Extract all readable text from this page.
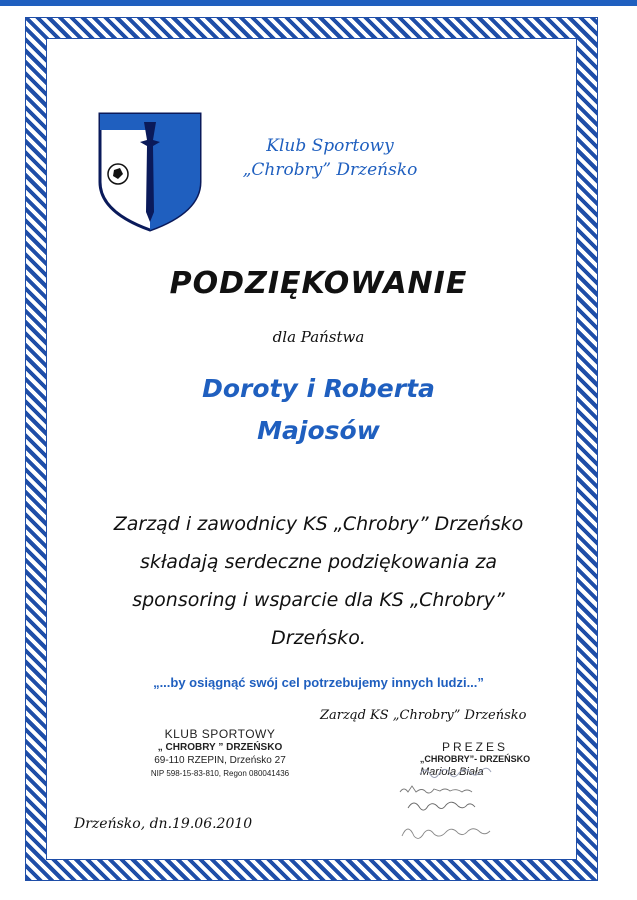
Klub Sportowy
„Chrobry” Drzeńsko
PODZIĘKOWANIE
dla Państwa
Doroty i Roberta
Majosów
Zarząd i zawodnicy KS „Chrobry” Drzeńsko
składają serdeczne podziękowania za
sponsoring i wsparcie dla KS „Chrobry”
Drzeńsko.
„...by osiągnąć swój cel potrzebujemy innych ludzi...”
Zarząd KS „Chrobry” Drzeńsko
KLUB SPORTOWY
„ CHROBRY ” DRZEŃSKO
69-110 RZEPIN, Drzeńsko 27
NIP 598-15-83-810, Regon 080041436
PREZES
„CHROBRY”- DRZEŃSKO
Mariola Biała
Drzeńsko, dn.19.06.2010
